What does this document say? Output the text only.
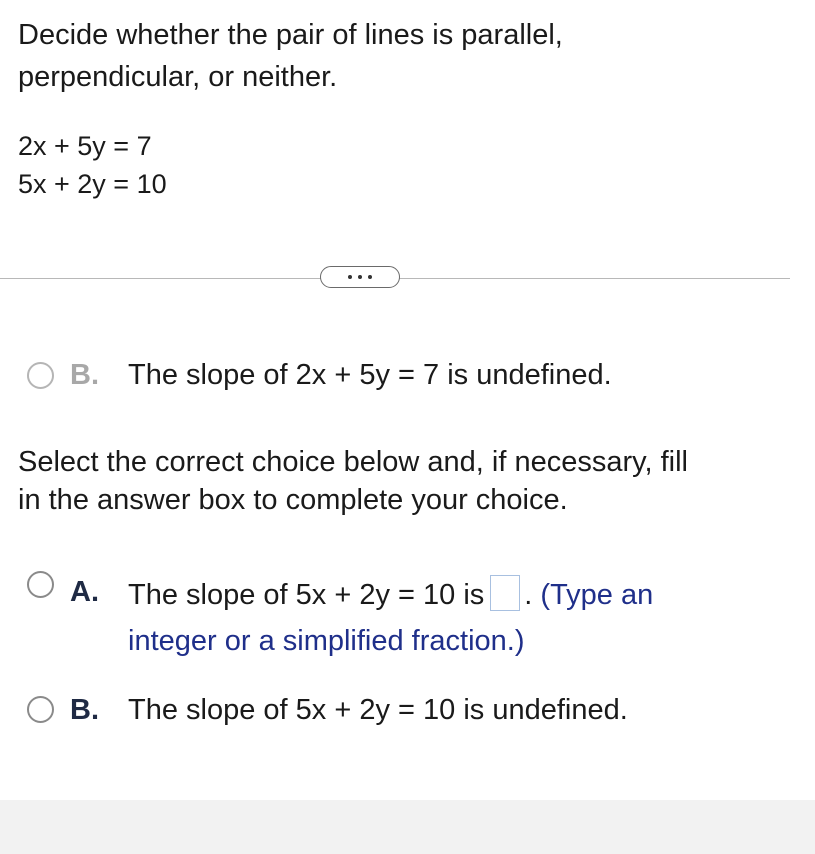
Decide whether the pair of lines is parallel,
perpendicular, or neither.
2x + 5y = 7
5x + 2y = 10
B. The slope of 2x + 5y = 7 is undefined.
Select the correct choice below and, if necessary, fill
in the answer box to complete your choice.
A. The slope of 5x + 2y = 10 is . (Type an
integer or a simplified fraction.)
B. The slope of 5x + 2y = 10 is undefined.
